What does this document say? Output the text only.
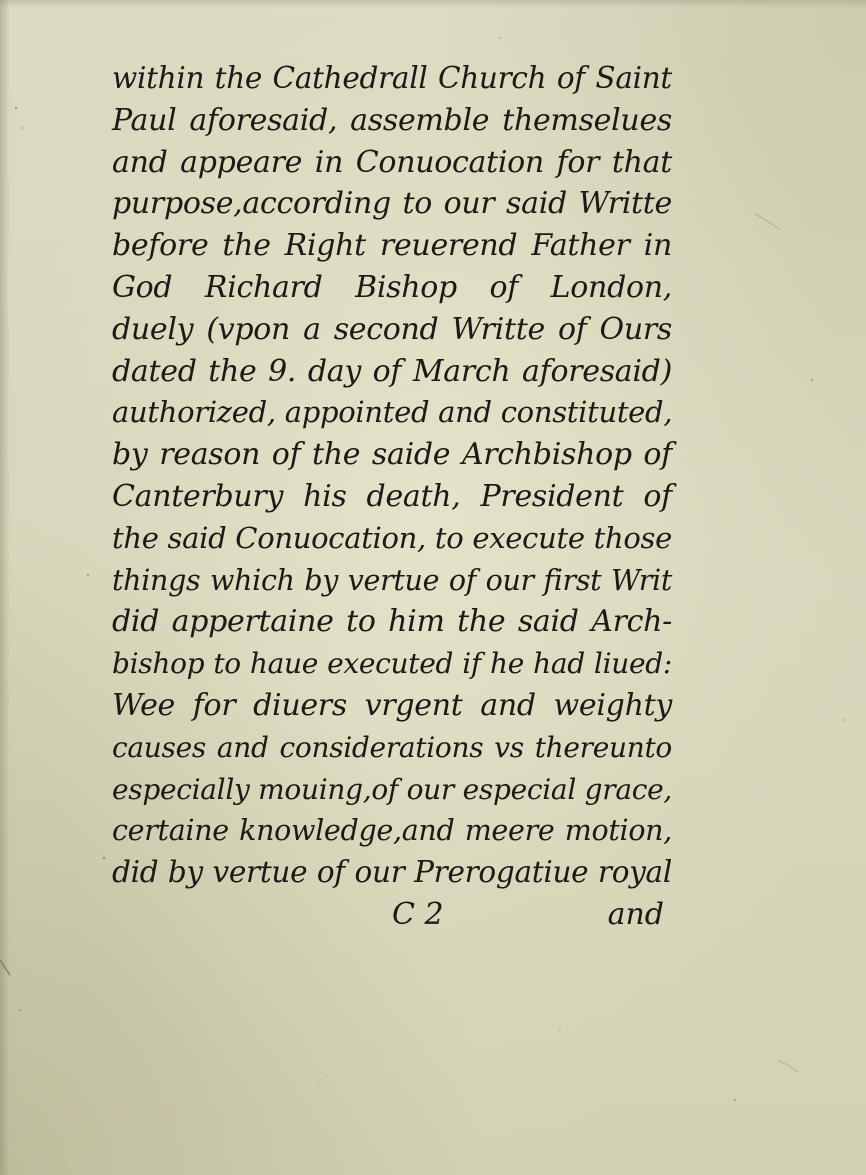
within the Cathedrall Church of Saint
Paul aforesaid, assemble themselues
and appeare in Conuocation for that
purpose,according to our said Writte
before the Right reuerend Father in
God Richard Bishop of London,
duely (vpon a second Writte of Ours
dated the 9. day of March aforesaid)
authorized, appointed and constituted,
by reason of the saide Archbishop of
Canterbury his death, President of
the said Conuocation, to execute those
things which by vertue of our first Writ
did appertaine to him the said Arch-
bishop to haue executed if he had liued:
Wee for diuers vrgent and weighty
causes and considerations vs thereunto
especially mouing,of our especial grace,
certaine knowledge,and meere motion,
did by vertue of our Prerogatiue royal
C 2	and
